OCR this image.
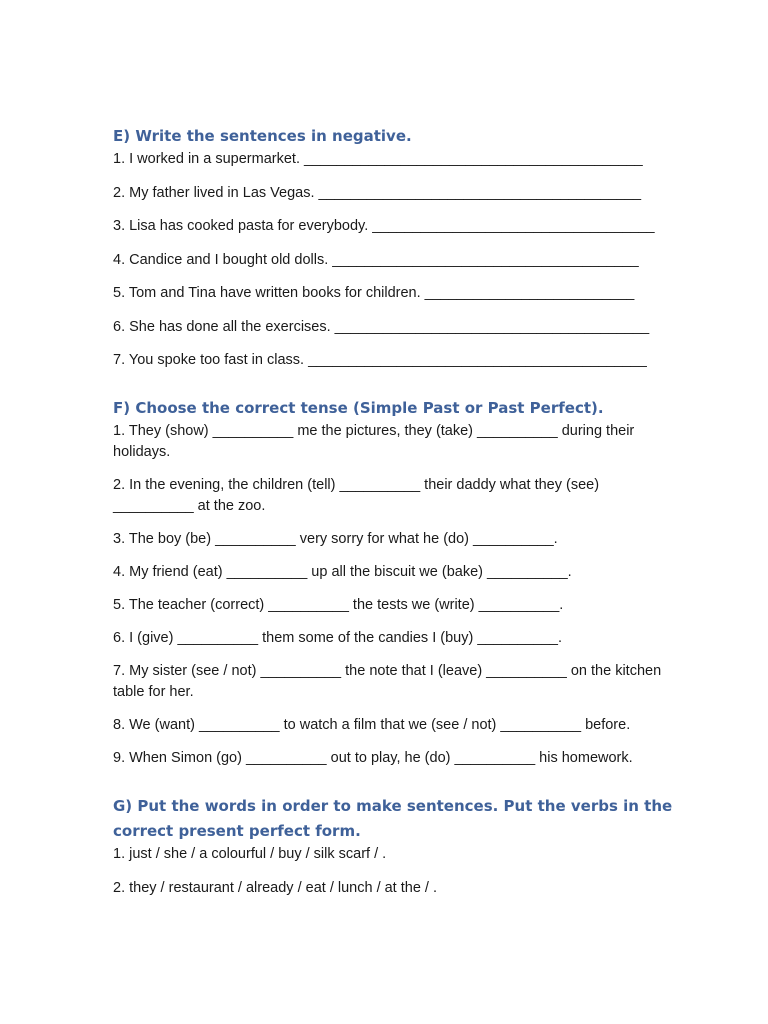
E) Write the sentences in negative.

1. I worked in a supermarket. __________________________________________

2. My father lived in Las Vegas. ________________________________________

3. Lisa has cooked pasta for everybody. ___________________________________

4. Candice and I bought old dolls. ______________________________________

5. Tom and Tina have written books for children. __________________________

6. She has done all the exercises. _______________________________________

7. You spoke too fast in class. __________________________________________

F) Choose the correct tense (Simple Past or Past Perfect).

1. They (show) __________ me the pictures, they (take) __________ during their holidays.

2. In the evening, the children (tell) __________ their daddy what they (see) __________ at the zoo.

3. The boy (be) __________ very sorry for what he (do) __________.

4. My friend (eat) __________ up all the biscuit we (bake) __________.

5. The teacher (correct) __________ the tests we (write) __________.

6. I (give) __________ them some of the candies I (buy) __________.

7. My sister (see / not) __________ the note that I (leave) __________ on the kitchen table for her.

8. We (want) __________ to watch a film that we (see / not) __________ before.

9. When Simon (go) __________ out to play, he (do) __________ his homework.

G) Put the words in order to make sentences. Put the verbs in the correct present perfect form.

1. just / she / a colourful / buy / silk scarf / .

2. they / restaurant / already / eat / lunch / at the / .
